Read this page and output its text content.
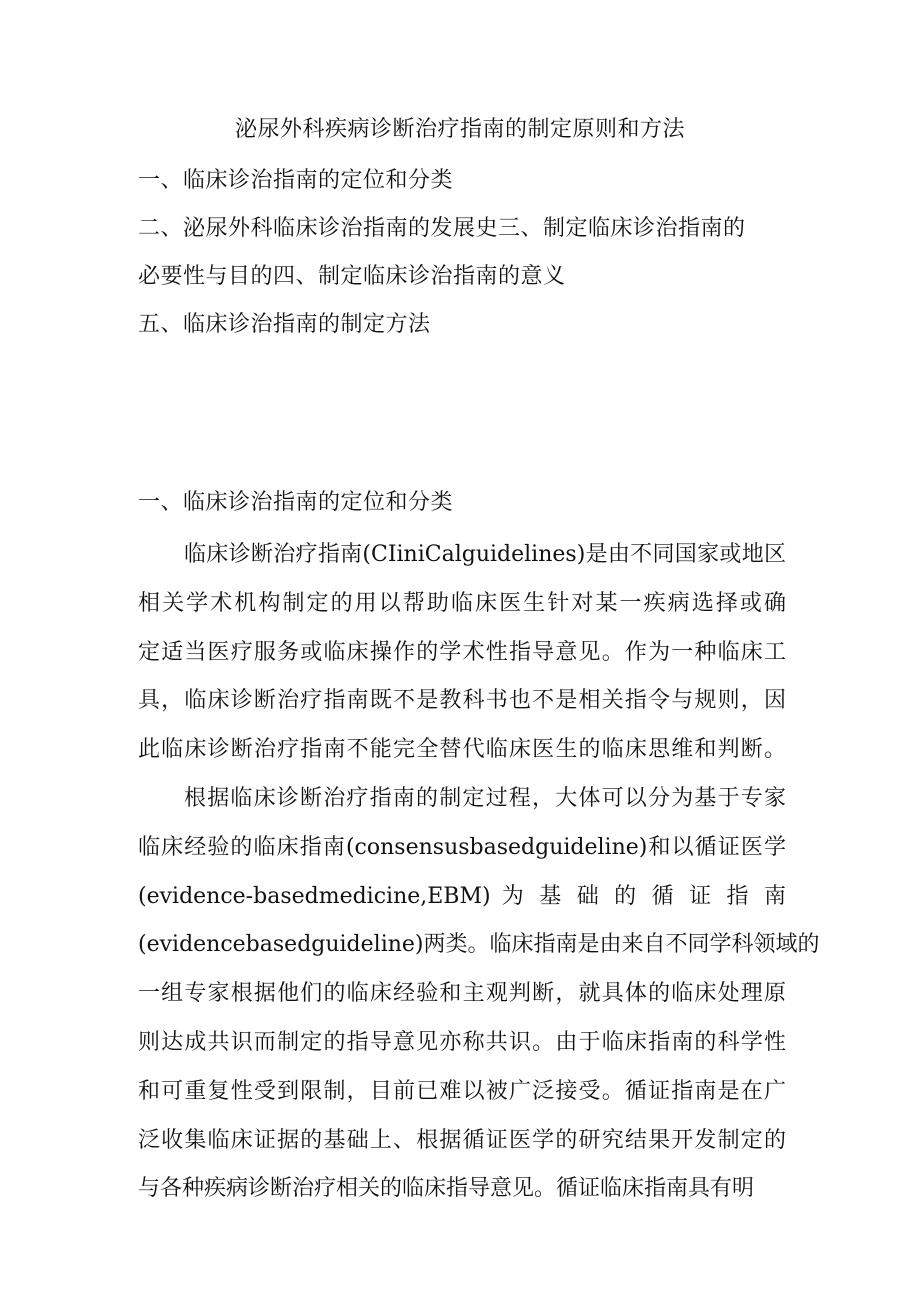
泌尿外科疾病诊断治疗指南的制定原则和方法
一、临床诊治指南的定位和分类
二、泌尿外科临床诊治指南的发展史三、制定临床诊治指南的
必要性与目的四、制定临床诊治指南的意义
五、临床诊治指南的制定方法
一、临床诊治指南的定位和分类
临床诊断治疗指南(CIiniCalguidelines)是由不同国家或地区
相关学术机构制定的用以帮助临床医生针对某一疾病选择或确
定适当医疗服务或临床操作的学术性指导意见。作为一种临床工
具，临床诊断治疗指南既不是教科书也不是相关指令与规则，因
此临床诊断治疗指南不能完全替代临床医生的临床思维和判断。
根据临床诊断治疗指南的制定过程，大体可以分为基于专家
临床经验的临床指南(consensusbasedguideline)和以循证医学
(evidence-basedmedicine,EBM) 为 基 础 的 循 证 指 南
(evidencebasedguideline)两类。临床指南是由来自不同学科领域的
一组专家根据他们的临床经验和主观判断，就具体的临床处理原
则达成共识而制定的指导意见亦称共识。由于临床指南的科学性
和可重复性受到限制，目前已难以被广泛接受。循证指南是在广
泛收集临床证据的基础上、根据循证医学的研究结果开发制定的
与各种疾病诊断治疗相关的临床指导意见。循证临床指南具有明
